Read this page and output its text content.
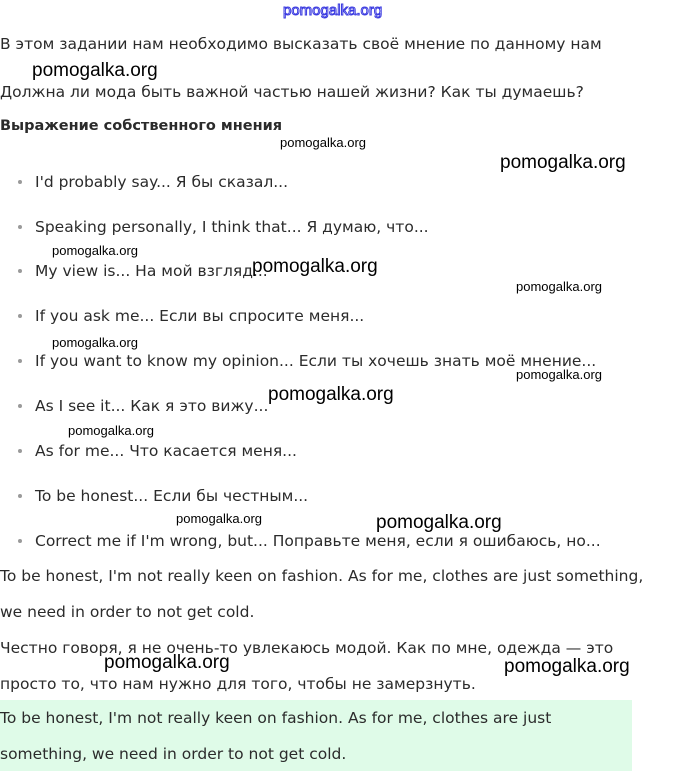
pomogalka.org
В этом задании нам необходимо высказать своё мнение по данному нам
Должна ли мода быть важной частью нашей жизни? Как ты думаешь?
Выражение собственного мнения
I'd probably say... Я бы сказал...
Speaking personally, I think that... Я думаю, что...
My view is... На мой взгляд...
If you ask me... Если вы спросите меня...
If you want to know my opinion... Если ты хочешь знать моё мнение...
As I see it... Как я это вижу...
As for me... Что касается меня...
To be honest... Если бы честным...
Correct me if I'm wrong, but... Поправьте меня, если я ошибаюсь, но...
To be honest, I'm not really keen on fashion. As for me, clothes are just something,
we need in order to not get cold.
Честно говоря, я не очень-то увлекаюсь модой. Как по мне, одежда — это
просто то, что нам нужно для того, чтобы не замерзнуть.
To be honest, I'm not really keen on fashion. As for me, clothes are just
something, we need in order to not get cold.
pomogalka.org
pomogalka.org
pomogalka.org
pomogalka.org
pomogalka.org
pomogalka.org
pomogalka.org
pomogalka.org
pomogalka.org
pomogalka.org
pomogalka.org	pomogalka.org
pomogalka.org	pomogalka.org
